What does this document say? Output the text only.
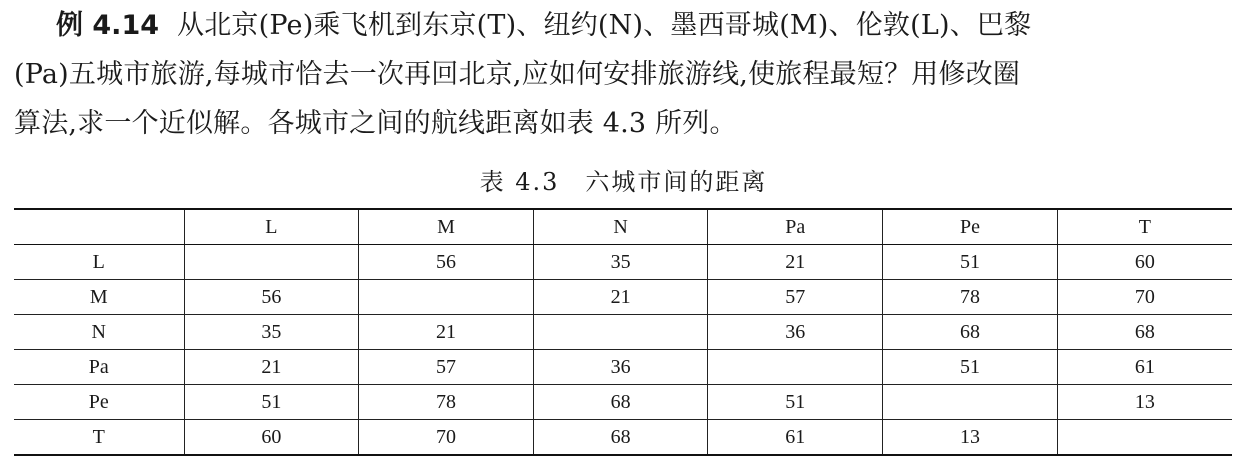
例 4.14 从北京(Pe)乘飞机到东京(T)、纽约(N)、墨西哥城(M)、伦敦(L)、巴黎

(Pa)五城市旅游,每城市恰去一次再回北京,应如何安排旅游线,使旅程最短？用修改圈

算法,求一个近似解。各城市之间的航线距离如表 4.3 所列。

表 4.3 六城市间的距离
	L	M	N	Pa	Pe	T
L		56	35	21	51	60
M	56		21	57	78	70
N	35	21		36	68	68
Pa	21	57	36		51	61
Pe	51	78	68	51		13
T	60	70	68	61	13	
